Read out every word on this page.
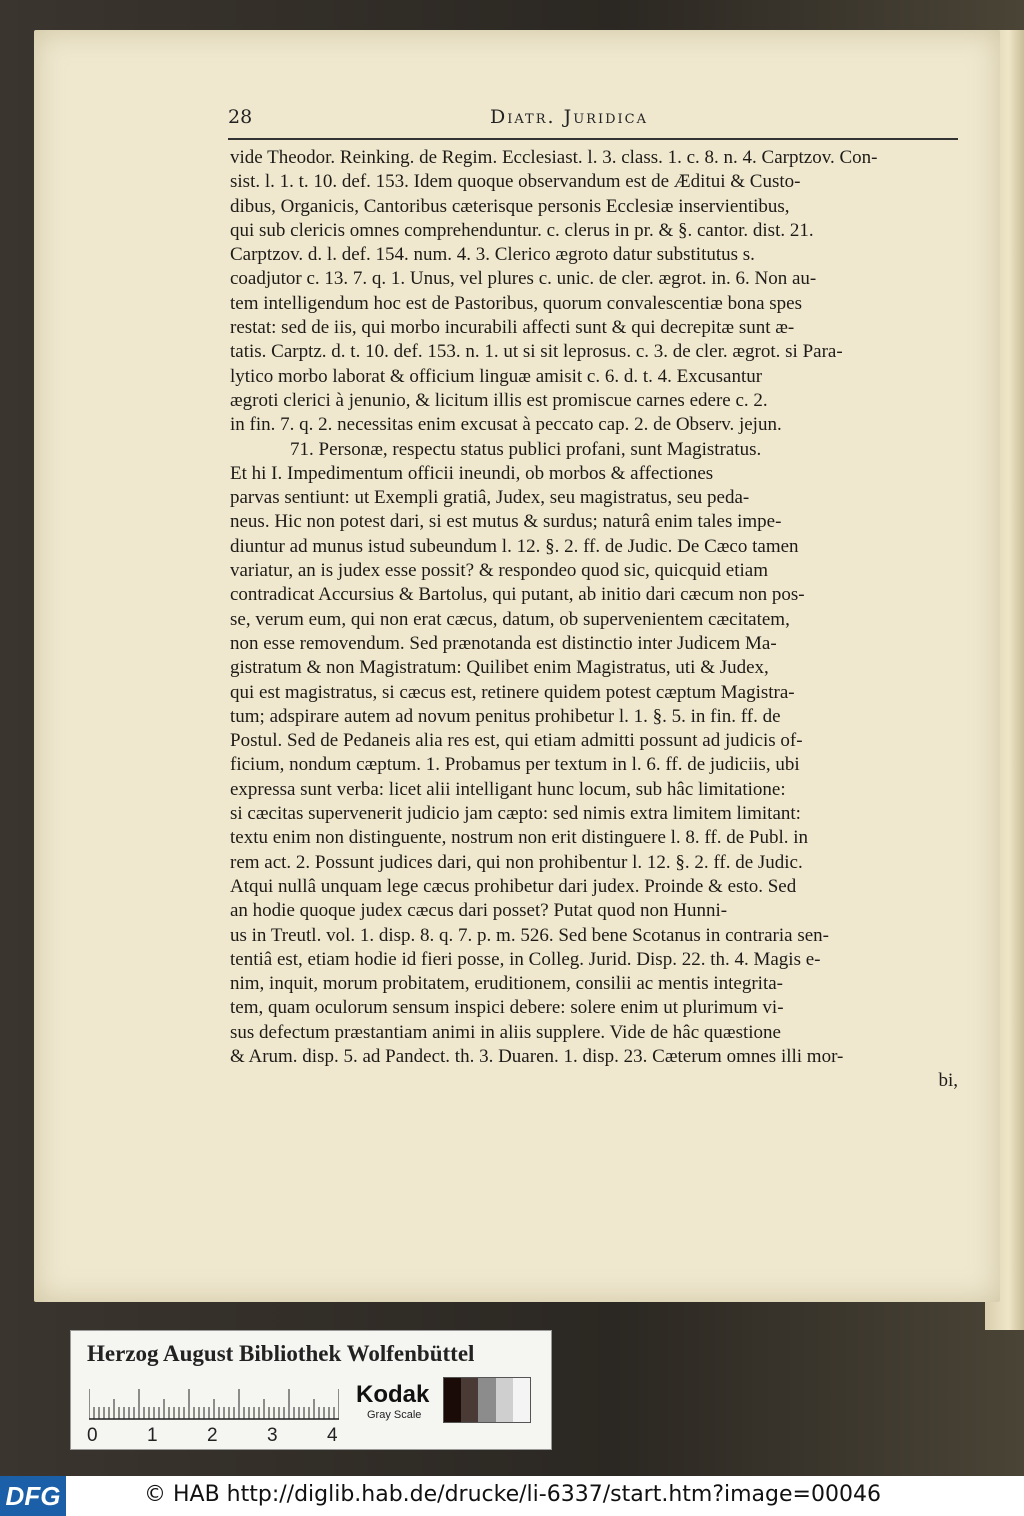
28	Diatr. Juridica
vide Theodor. Reinking. de Regim. Ecclesiast. l. 3. class. 1. c. 8. n. 4. Carptzov. Con-
sist. l. 1. t. 10. def. 153. Idem quoque observandum est de Æditui & Custo-
dibus, Organicis, Cantoribus cæterisque personis Ecclesiæ inservientibus,
qui sub clericis omnes comprehenduntur. c. clerus in pr. & §. cantor. dist. 21.
Carptzov. d. l. def. 154. num. 4. 3. Clerico ægroto datur substitutus s.
coadjutor c. 13. 7. q. 1. Unus, vel plures c. unic. de cler. ægrot. in. 6. Non au-
tem intelligendum hoc est de Pastoribus, quorum convalescentiæ bona spes
restat: sed de iis, qui morbo incurabili affecti sunt & qui decrepitæ sunt æ-
tatis. Carptz. d. t. 10. def. 153. n. 1. ut si sit leprosus. c. 3. de cler. ægrot. si Para-
lytico morbo laborat & officium linguæ amisit c. 6. d. t. 4. Excusantur
ægroti clerici à jenunio, & licitum illis est promiscue carnes edere c. 2.
in fin. 7. q. 2. necessitas enim excusat à peccato cap. 2. de Observ. jejun.
71. Personæ, respectu status publici profani, sunt Magistratus.
Et hi I. Impedimentum officii ineundi, ob morbos & affectiones
parvas sentiunt: ut Exempli gratiâ, Judex, seu magistratus, seu peda-
neus. Hic non potest dari, si est mutus & surdus; naturâ enim tales impe-
diuntur ad munus istud subeundum l. 12. §. 2. ff. de Judic. De Cæco tamen
variatur, an is judex esse possit? & respondeo quod sic, quicquid etiam
contradicat Accursius & Bartolus, qui putant, ab initio dari cæcum non pos-
se, verum eum, qui non erat cæcus, datum, ob supervenientem cæcitatem,
non esse removendum. Sed prænotanda est distinctio inter Judicem Ma-
gistratum & non Magistratum: Quilibet enim Magistratus, uti & Judex,
qui est magistratus, si cæcus est, retinere quidem potest cæptum Magistra-
tum; adspirare autem ad novum penitus prohibetur l. 1. §. 5. in fin. ff. de
Postul. Sed de Pedaneis alia res est, qui etiam admitti possunt ad judicis of-
ficium, nondum cæptum. 1. Probamus per textum in l. 6. ff. de judiciis, ubi
expressa sunt verba: licet alii intelligant hunc locum, sub hâc limitatione:
si cæcitas supervenerit judicio jam cæpto: sed nimis extra limitem limitant:
textu enim non distinguente, nostrum non erit distinguere l. 8. ff. de Publ. in
rem act. 2. Possunt judices dari, qui non prohibentur l. 12. §. 2. ff. de Judic.
Atqui nullâ unquam lege cæcus prohibetur dari judex. Proinde & esto. Sed
an hodie quoque judex cæcus dari posset? Putat quod non Hunni-
us in Treutl. vol. 1. disp. 8. q. 7. p. m. 526. Sed bene Scotanus in contraria sen-
tentiâ est, etiam hodie id fieri posse, in Colleg. Jurid. Disp. 22. th. 4. Magis e-
nim, inquit, morum probitatem, eruditionem, consilii ac mentis integrita-
tem, quam oculorum sensum inspici debere: solere enim ut plurimum vi-
sus defectum præstantiam animi in aliis supplere. Vide de hâc quæstione
& Arum. disp. 5. ad Pandect. th. 3. Duaren. 1. disp. 23. Cæterum omnes illi mor-
bi,
Herzog August Bibliothek Wolfenbüttel
0	1	2	3	4
Kodak
Gray Scale
DFG	© HAB http://diglib.hab.de/drucke/li-6337/start.htm?image=00046
